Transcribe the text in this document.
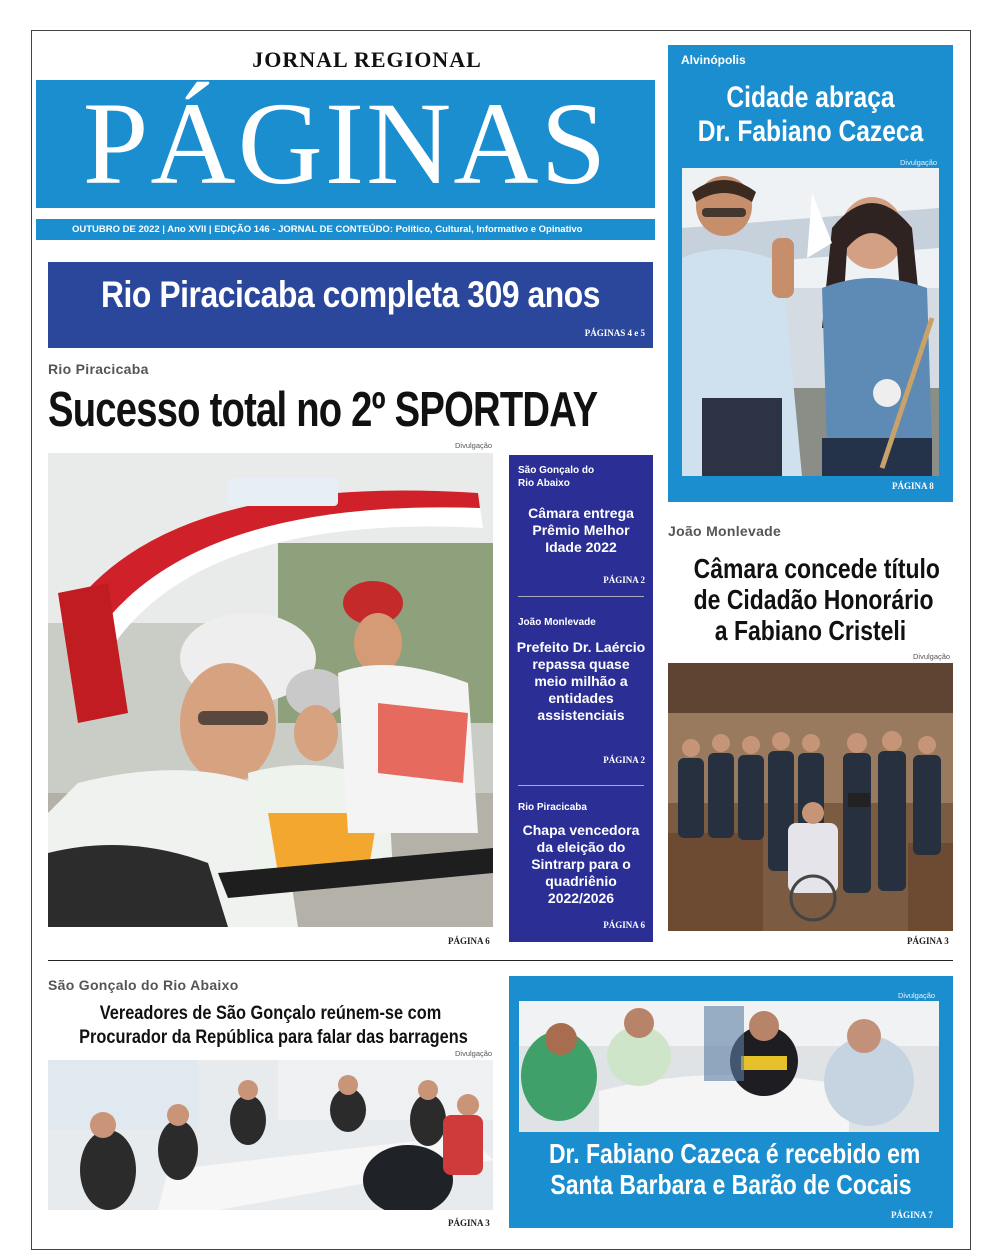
JORNAL REGIONAL
PÁGINAS
OUTUBRO DE 2022 | Ano XVII | EDIÇÃO 146 - JORNAL DE CONTEÚDO: Político, Cultural, Informativo e Opinativo
Rio Piracicaba completa 309 anos
PÁGINAS 4 e 5
Rio Piracicaba
Sucesso total no 2º SPORTDAY
Divulgação
PÁGINA 6
São Gonçalo do Rio Abaixo
Câmara entrega Prêmio Melhor Idade 2022
PÁGINA 2
João Monlevade
Prefeito Dr. Laércio repassa quase meio milhão a entidades assistenciais
PÁGINA 2
Rio Piracicaba
Chapa vencedora da eleição do Sintrarp para o quadriênio 2022/2026
PÁGINA 6
Alvinópolis
Cidade abraça
Dr. Fabiano Cazeca
Divulgação
PÁGINA 8
João Monlevade
Câmara concede título
de Cidadão Honorário
a Fabiano Cristeli
Divulgação
PÁGINA 3
São Gonçalo do Rio Abaixo
Vereadores de São Gonçalo reúnem-se com
Procurador da República para falar das barragens
Divulgação
PÁGINA 3
Divulgação
Dr. Fabiano Cazeca é recebido em
Santa Barbara e Barão de Cocais
PÁGINA 7
